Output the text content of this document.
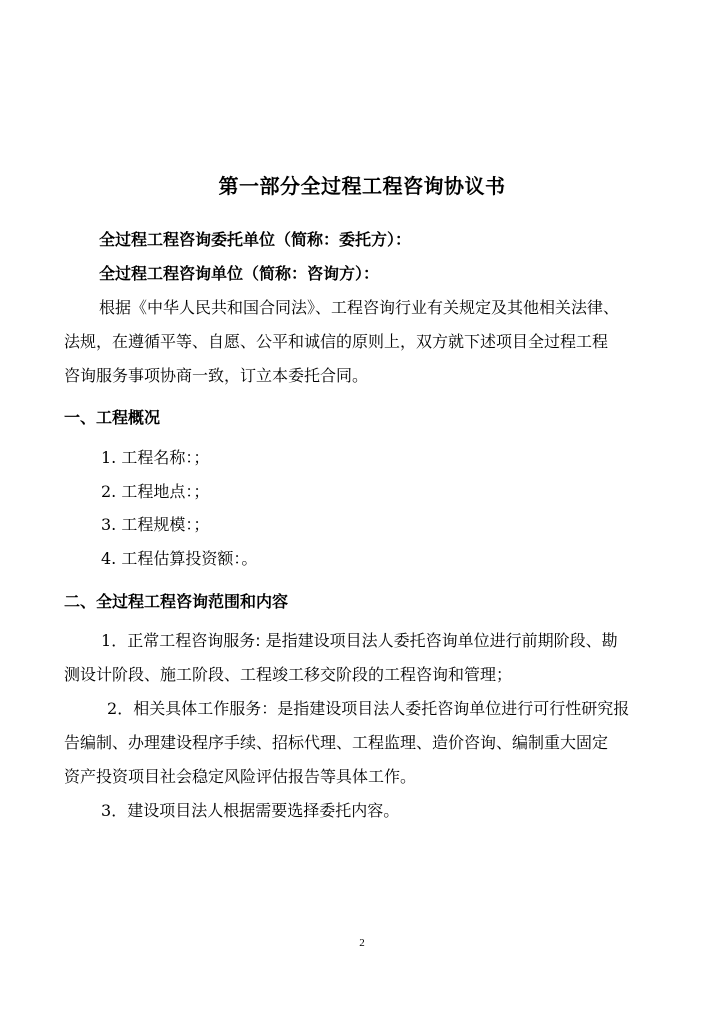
第一部分全过程工程咨询协议书
全过程工程咨询委托单位（简称：委托方）：
全过程工程咨询单位（简称：咨询方）：
根据《中华人民共和国合同法》、工程咨询行业有关规定及其他相关法律、
法规，在遵循平等、自愿、公平和诚信的原则上，双方就下述项目全过程工程
咨询服务事项协商一致，订立本委托合同。
一、工程概况
1. 工程名称：；
2. 工程地点：；
3. 工程规模：；
4. 工程估算投资额：。
二、全过程工程咨询范围和内容
1．正常工程咨询服务: 是指建设项目法人委托咨询单位进行前期阶段、勘
测设计阶段、施工阶段、工程竣工移交阶段的工程咨询和管理；
2．相关具体工作服务：是指建设项目法人委托咨询单位进行可行性研究报
告编制、办理建设程序手续、招标代理、工程监理、造价咨询、编制重大固定
资产投资项目社会稳定风险评估报告等具体工作。
3．建设项目法人根据需要选择委托内容。
2
